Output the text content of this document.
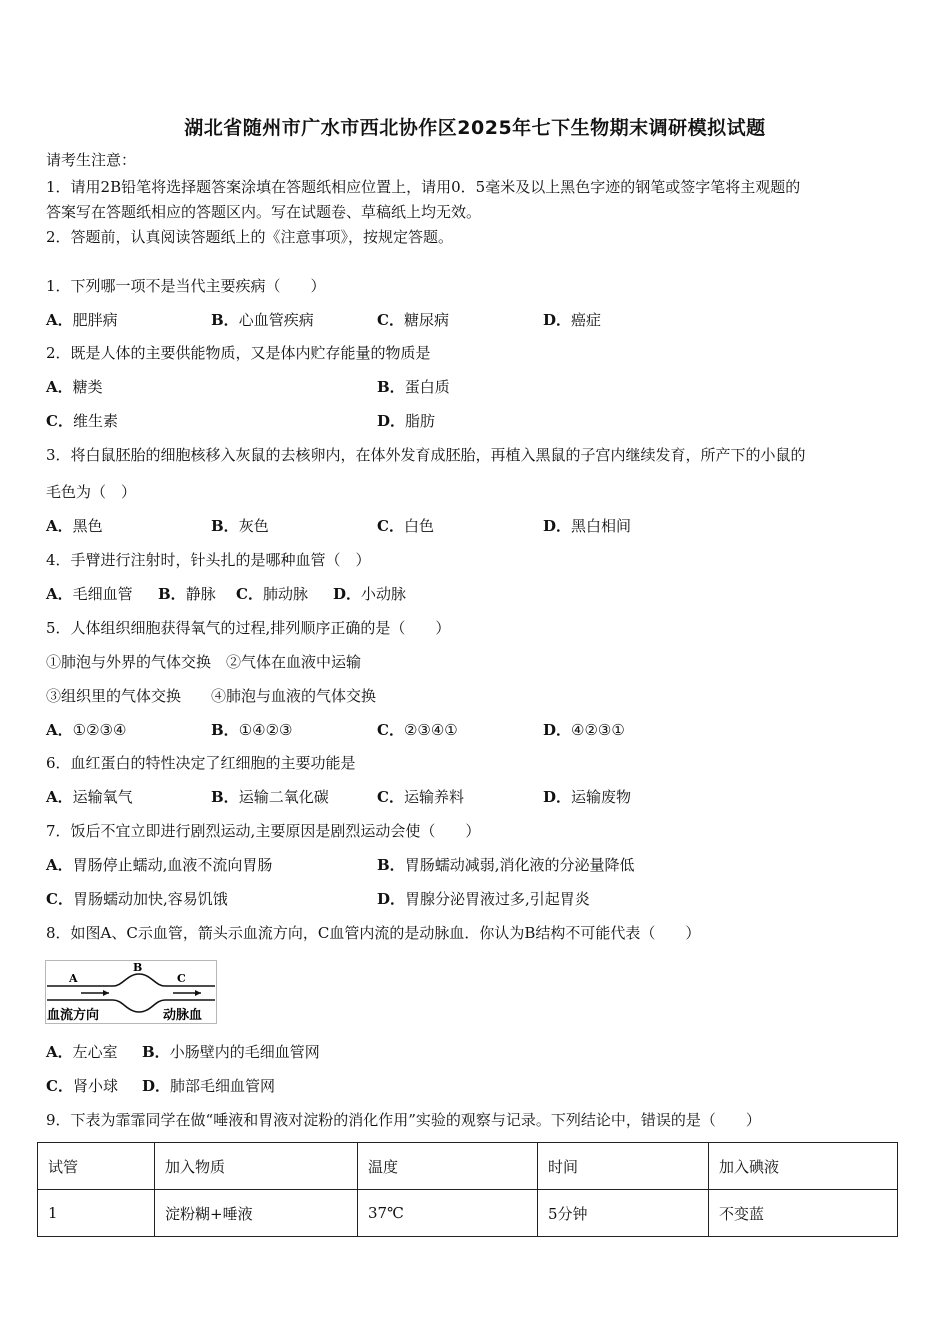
湖北省随州市广水市西北协作区2025年七下生物期末调研模拟试题
请考生注意：
1．请用2B铅笔将选择题答案涂填在答题纸相应位置上，请用0．5毫米及以上黑色字迹的钢笔或签字笔将主观题的
答案写在答题纸相应的答题区内。写在试题卷、草稿纸上均无效。
2．答题前，认真阅读答题纸上的《注意事项》，按规定答题。
1．下列哪一项不是当代主要疾病（　　）
A．肥胖病	B．心血管疾病	C．糖尿病	D．癌症
2．既是人体的主要供能物质，又是体内贮存能量的物质是
A．糖类	B．蛋白质
C．维生素	D．脂肪
3．将白鼠胚胎的细胞核移入灰鼠的去核卵内，在体外发育成胚胎，再植入黑鼠的子宫内继续发育，所产下的小鼠的
毛色为（　）
A．黑色	B．灰色	C．白色	D．黑白相间
4．手臂进行注射时，针头扎的是哪种血管（　）
A．毛细血管 B．静脉 C．肺动脉 D．小动脉
5．人体组织细胞获得氧气的过程,排列顺序正确的是（　　）
①肺泡与外界的气体交换　②气体在血液中运输
③组织里的气体交换　　④肺泡与血液的气体交换
A．①②③④	B．①④②③	C．②③④①	D．④②③①
6．血红蛋白的特性决定了红细胞的主要功能是
A．运输氧气	B．运输二氧化碳	C．运输养料	D．运输废物
7．饭后不宜立即进行剧烈运动,主要原因是剧烈运动会使（　　）
A．胃肠停止蠕动,血液不流向胃肠	B．胃肠蠕动减弱,消化液的分泌量降低
C．胃肠蠕动加快,容易饥饿	D．胃腺分泌胃液过多,引起胃炎
8．如图A、C示血管，箭头示血流方向，C血管内流的是动脉血．你认为B结构不可能代表（　　）
A
B
C
血流方向	动脉血
A．左心室 B．小肠壁内的毛细血管网
C．肾小球 D．肺部毛细血管网
9．下表为霏霏同学在做“唾液和胃液对淀粉的消化作用”实验的观察与记录。下列结论中，错误的是（　　）
试管	加入物质	温度	时间	加入碘液
1	淀粉糊+唾液	37℃	5分钟	不变蓝
